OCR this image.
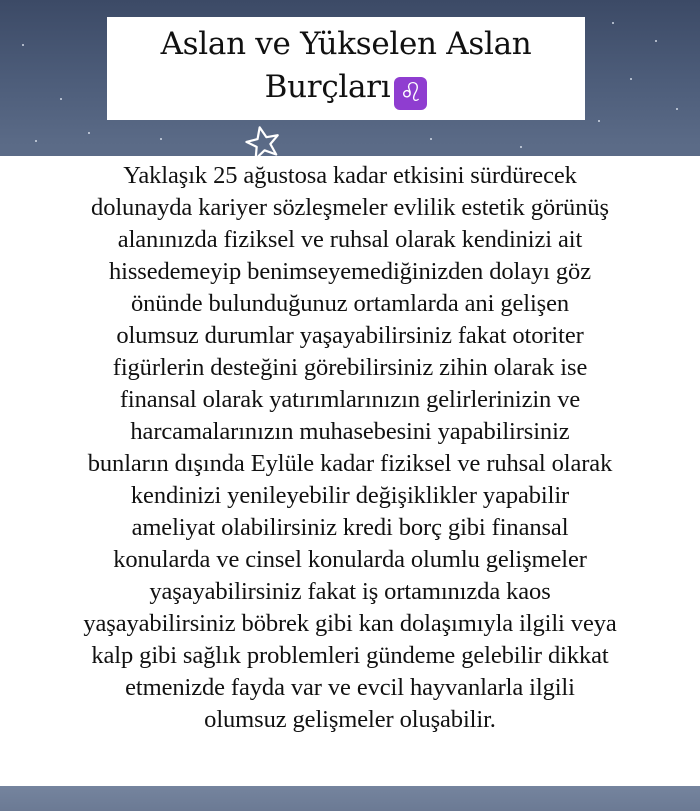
Aslan ve Yükselen Aslan
Burçları ♌

Yaklaşık 25 ağustosa kadar etkisini sürdürecek

dolunayda kariyer sözleşmeler evlilik estetik görünüş

alanınızda fiziksel ve ruhsal olarak kendinizi ait

hissedemeyip benimseyemediğinizden dolayı göz

önünde bulunduğunuz ortamlarda ani gelişen

olumsuz durumlar yaşayabilirsiniz fakat otoriter

figürlerin desteğini görebilirsiniz zihin olarak ise

finansal olarak yatırımlarınızın gelirlerinizin ve

harcamalarınızın muhasebesini yapabilirsiniz

bunların dışında Eylüle kadar fiziksel ve ruhsal olarak

kendinizi yenileyebilir değişiklikler yapabilir

ameliyat olabilirsiniz kredi borç gibi finansal

konularda ve cinsel konularda olumlu gelişmeler

yaşayabilirsiniz fakat iş ortamınızda kaos

yaşayabilirsiniz böbrek gibi kan dolaşımıyla ilgili veya

kalp gibi sağlık problemleri gündeme gelebilir dikkat

etmenizde fayda var ve evcil hayvanlarla ilgili

olumsuz gelişmeler oluşabilir.
